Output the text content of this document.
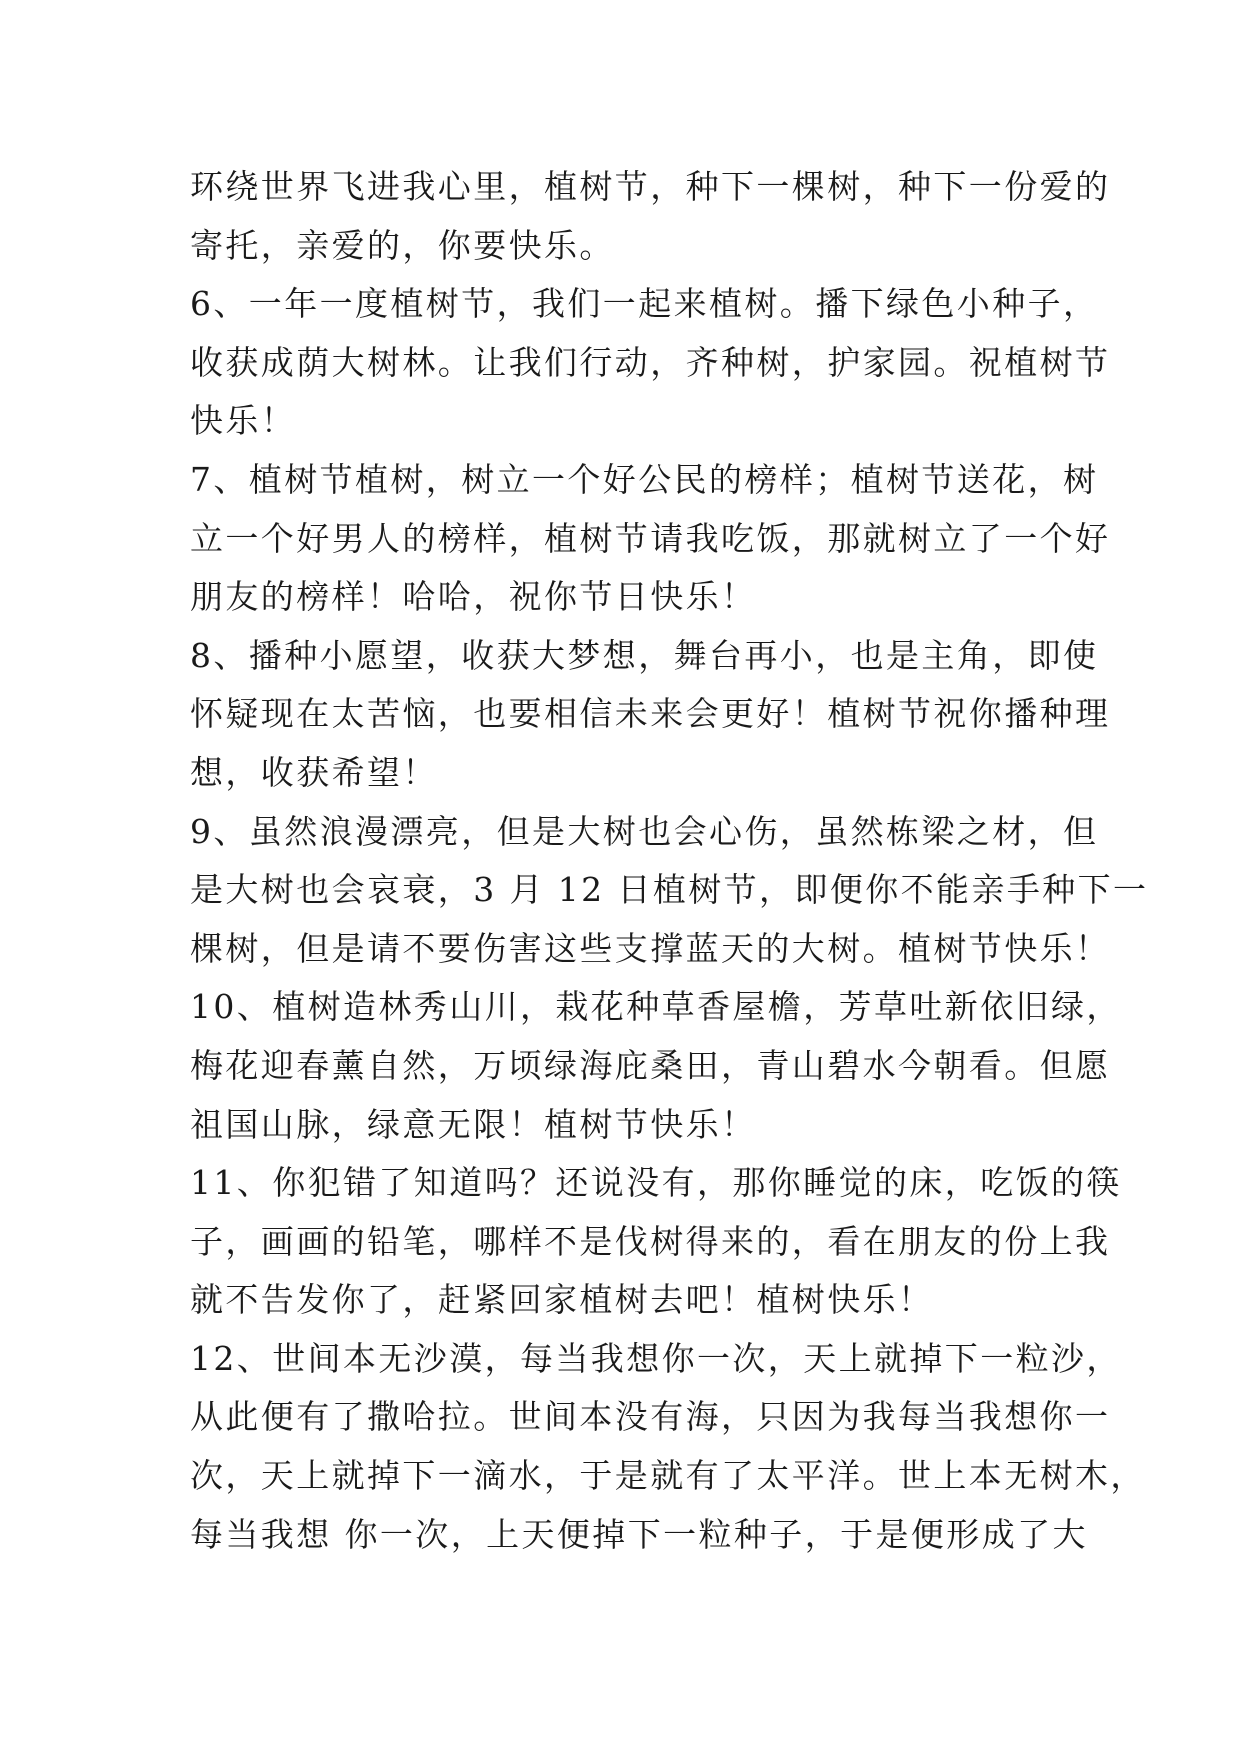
环绕世界飞进我心里，植树节，种下一棵树，种下一份爱的
寄托，亲爱的，你要快乐。
6、一年一度植树节，我们一起来植树。播下绿色小种子，
收获成荫大树林。让我们行动，齐种树，护家园。祝植树节
快乐！
7、植树节植树，树立一个好公民的榜样；植树节送花，树
立一个好男人的榜样，植树节请我吃饭，那就树立了一个好
朋友的榜样！哈哈，祝你节日快乐！
8、播种小愿望，收获大梦想，舞台再小，也是主角，即使
怀疑现在太苦恼，也要相信未来会更好！植树节祝你播种理
想，收获希望！
9、虽然浪漫漂亮，但是大树也会心伤，虽然栋梁之材，但
是大树也会哀衰，3 月 12 日植树节，即便你不能亲手种下一
棵树，但是请不要伤害这些支撑蓝天的大树。植树节快乐！
10、植树造林秀山川，栽花种草香屋檐，芳草吐新依旧绿，
梅花迎春薰自然，万顷绿海庇桑田，青山碧水今朝看。但愿
祖国山脉，绿意无限！植树节快乐！
11、你犯错了知道吗？还说没有，那你睡觉的床，吃饭的筷
子，画画的铅笔，哪样不是伐树得来的，看在朋友的份上我
就不告发你了，赶紧回家植树去吧！植树快乐！
12、世间本无沙漠，每当我想你一次，天上就掉下一粒沙，
从此便有了撒哈拉。世间本没有海，只因为我每当我想你一
次，天上就掉下一滴水，于是就有了太平洋。世上本无树木，
每当我想 你一次，上天便掉下一粒种子，于是便形成了大
